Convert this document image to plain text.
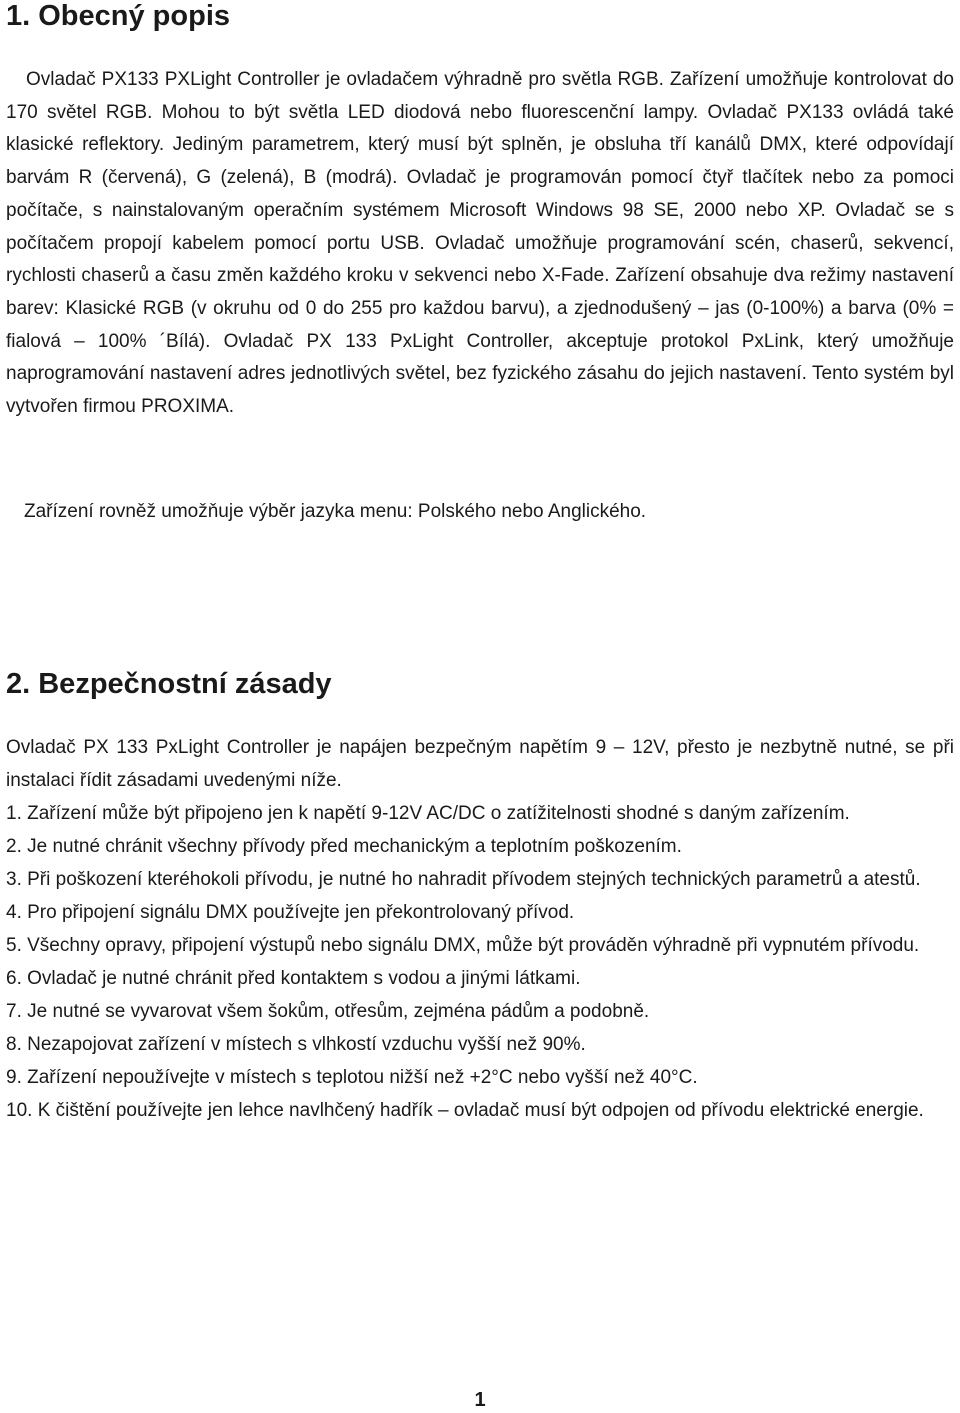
1. Obecný popis

Ovladač PX133 PXLight Controller je ovladačem výhradně pro světla RGB. Zařízení umožňuje kontrolovat do 170 světel RGB. Mohou to být světla LED diodová nebo fluorescenční lampy. Ovladač PX133 ovládá také klasické reflektory. Jediným parametrem, který musí být splněn, je obsluha tří kanálů DMX, které odpovídají barvám R (červená), G (zelená), B (modrá). Ovladač je programován pomocí čtyř tlačítek nebo za pomoci počítače, s nainstalovaným operačním systémem Microsoft Windows 98 SE, 2000 nebo XP. Ovladač se s počítačem propojí kabelem pomocí portu USB. Ovladač umožňuje programování scén, chaserů, sekvencí, rychlosti chaserů a času změn každého kroku v sekvenci nebo X-Fade. Zařízení obsahuje dva režimy nastavení barev: Klasické RGB (v okruhu od 0 do 255 pro každou barvu), a zjednodušený – jas (0-100%) a barva (0% = fialová – 100% ´Bílá). Ovladač PX 133 PxLight Controller, akceptuje protokol PxLink, který umožňuje naprogramování nastavení adres jednotlivých světel, bez fyzického zásahu do jejich nastavení. Tento systém byl vytvořen firmou PROXIMA.

Zařízení rovněž umožňuje výběr jazyka menu: Polského nebo Anglického.

2. Bezpečnostní zásady

Ovladač PX 133 PxLight Controller je napájen bezpečným napětím 9 – 12V, přesto je nezbytně nutné, se při instalaci řídit zásadami uvedenými níže.

1. Zařízení může být připojeno jen k napětí 9-12V AC/DC o zatížitelnosti shodné s daným zařízením.

2. Je nutné chránit všechny přívody před mechanickým a teplotním poškozením.

3. Při poškození kteréhokoli přívodu, je nutné ho nahradit přívodem stejných technických parametrů a atestů.

4. Pro připojení signálu DMX používejte jen překontrolovaný přívod.

5. Všechny opravy, připojení výstupů nebo signálu DMX, může být prováděn výhradně při vypnutém přívodu.

6. Ovladač je nutné chránit před kontaktem s vodou a jinými látkami.

7. Je nutné se vyvarovat všem šokům, otřesům, zejména pádům a podobně.

8. Nezapojovat zařízení v místech s vlhkostí vzduchu vyšší než 90%.

9. Zařízení nepoužívejte v místech s teplotou nižší než +2°C nebo vyšší než 40°C.

10. K čištění používejte jen lehce navlhčený hadřík – ovladač musí být odpojen od přívodu elektrické energie.

1
